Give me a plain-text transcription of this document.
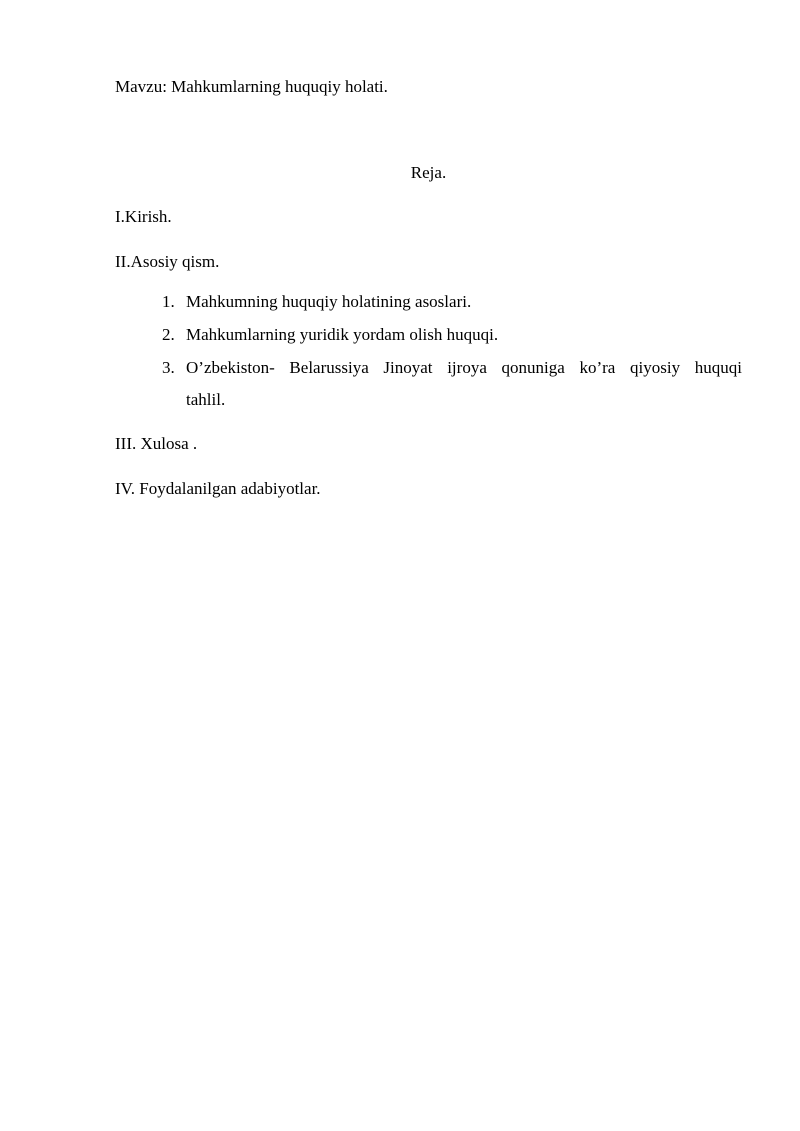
Mavzu: Mahkumlarning huquqiy holati.
Reja.
I.Kirish.
II.Asosiy qism.
1. Mahkumning huquqiy holatining asoslari.
2. Mahkumlarning yuridik yordam olish huquqi.
3. O’zbekiston- Belarussiya Jinoyat ijroya qonuniga ko’ra qiyosiy huquqi
tahlil.
III. Xulosa .
IV. Foydalanilgan adabiyotlar.
